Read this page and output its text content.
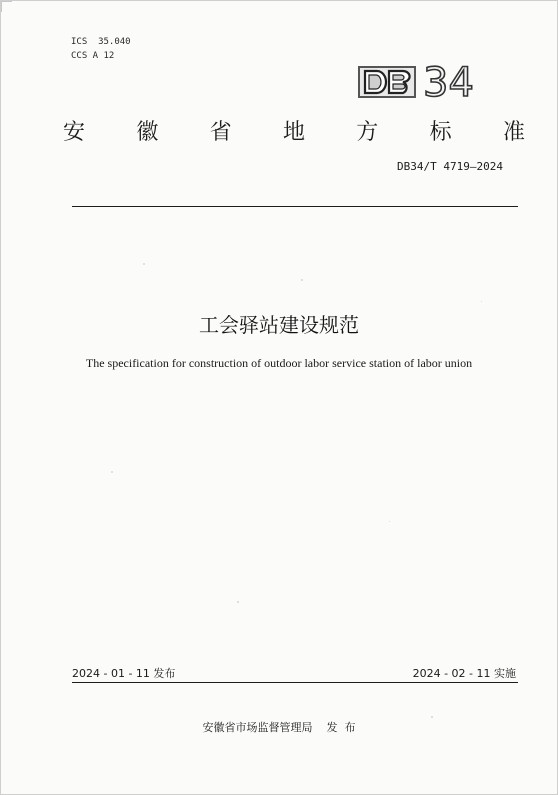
ICS  35.040
CCS A 12
34
安 徽 省 地 方 标 准
DB34/T 4719—2024
工会驿站建设规范
The specification for construction of outdoor labor service station of labor union
2024 - 01 - 11 发布	2024 - 02 - 11 实施
安徽省市场监督管理局    发  布
